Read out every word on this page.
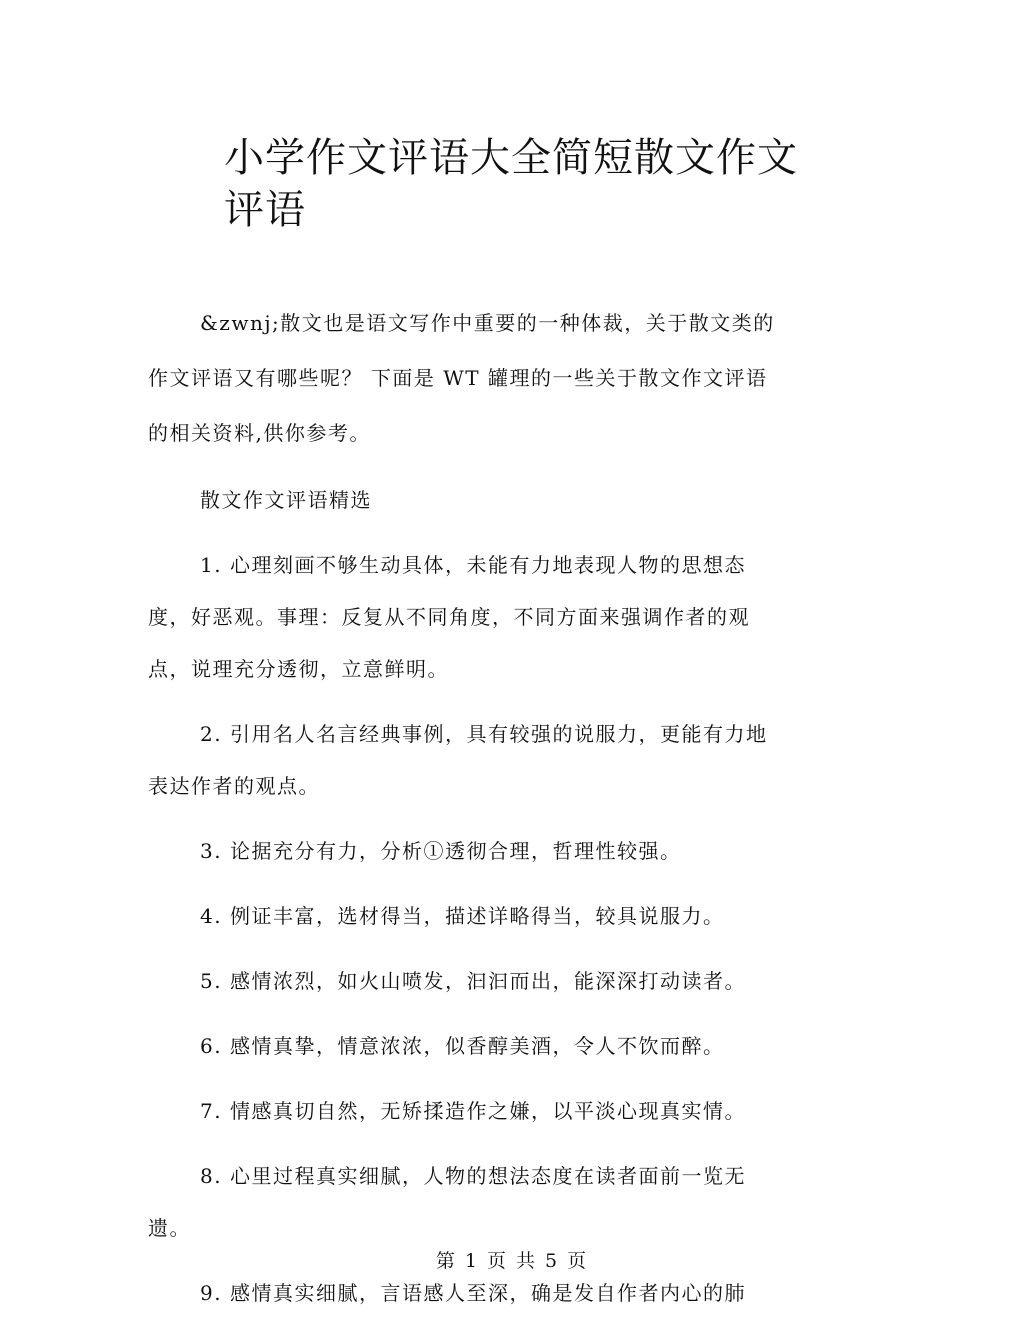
小学作文评语大全简短散文作文评语

&zwnj;散文也是语文写作中重要的一种体裁，关于散文类的作文评语又有哪些呢？ 下面是 WT 罐理的一些关于散文作文评语的相关资料,供你参考。

散文作文评语精选

1. 心理刻画不够生动具体，未能有力地表现人物的思想态度，好恶观。事理：反复从不同角度，不同方面来强调作者的观点，说理充分透彻，立意鲜明。

2. 引用名人名言经典事例，具有较强的说服力，更能有力地表达作者的观点。

3. 论据充分有力，分析①透彻合理，哲理性较强。

4. 例证丰富，选材得当，描述详略得当，较具说服力。

5. 感情浓烈，如火山喷发，汩汩而出，能深深打动读者。

6. 感情真挚，情意浓浓，似香醇美酒，令人不饮而醉。

7. 情感真切自然，无矫揉造作之嫌，以平淡心现真实情。

8. 心里过程真实细腻，人物的想法态度在读者面前一览无遗。

9. 感情真实细腻，言语感人至深，确是发自作者内心的肺

第 1 页 共 5 页
